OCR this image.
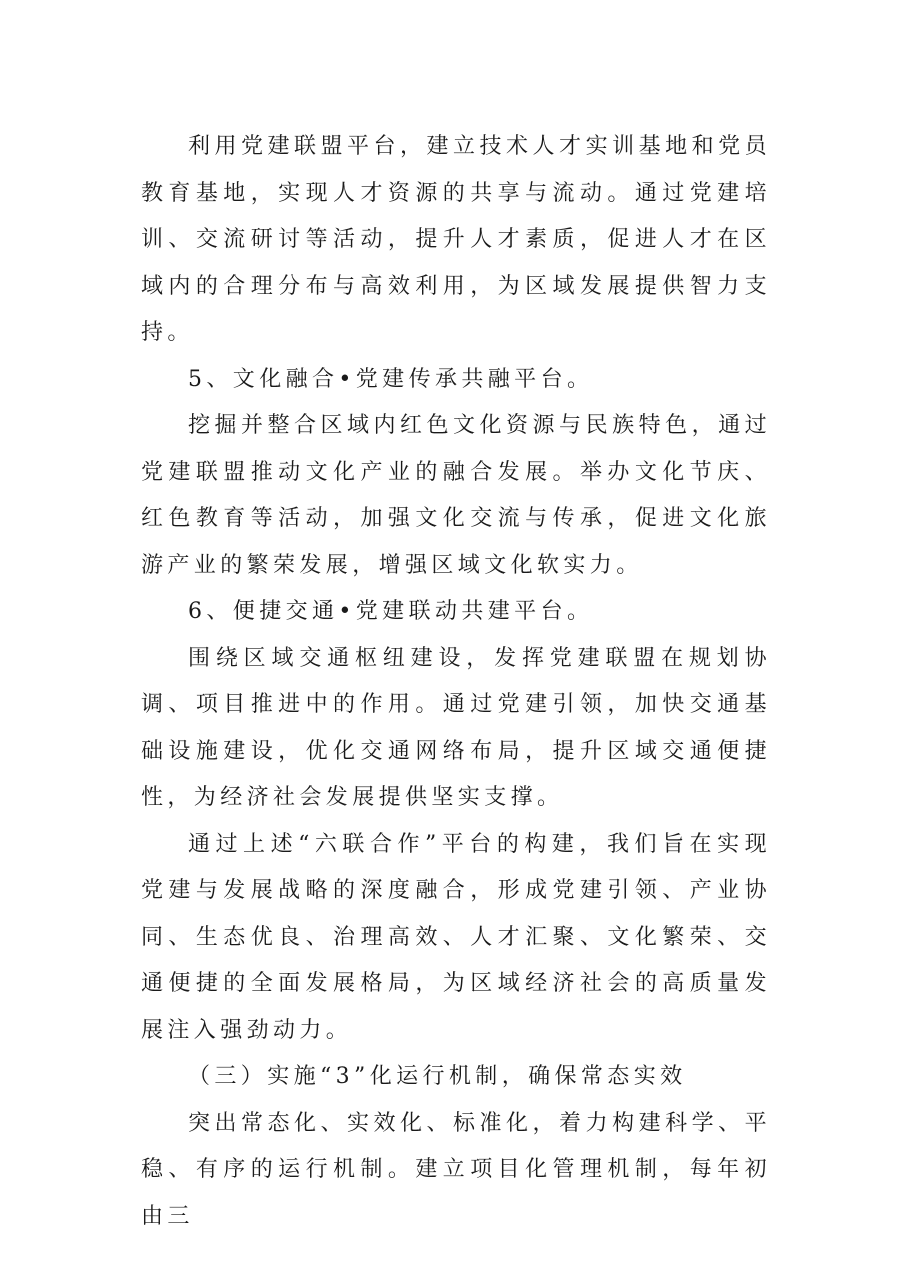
利用党建联盟平台，建立技术人才实训基地和党员教育基地，实现人才资源的共享与流动。通过党建培训、交流研讨等活动，提升人才素质，促进人才在区域内的合理分布与高效利用，为区域发展提供智力支持。

5、文化融合•党建传承共融平台。

挖掘并整合区域内红色文化资源与民族特色，通过党建联盟推动文化产业的融合发展。举办文化节庆、红色教育等活动，加强文化交流与传承，促进文化旅游产业的繁荣发展，增强区域文化软实力。

6、便捷交通•党建联动共建平台。

围绕区域交通枢纽建设，发挥党建联盟在规划协调、项目推进中的作用。通过党建引领，加快交通基础设施建设，优化交通网络布局，提升区域交通便捷性，为经济社会发展提供坚实支撑。

通过上述“六联合作”平台的构建，我们旨在实现党建与发展战略的深度融合，形成党建引领、产业协同、生态优良、治理高效、人才汇聚、文化繁荣、交通便捷的全面发展格局，为区域经济社会的高质量发展注入强劲动力。

（三）实施“3”化运行机制，确保常态实效

突出常态化、实效化、标准化，着力构建科学、平稳、有序的运行机制。建立项目化管理机制，每年初由三
